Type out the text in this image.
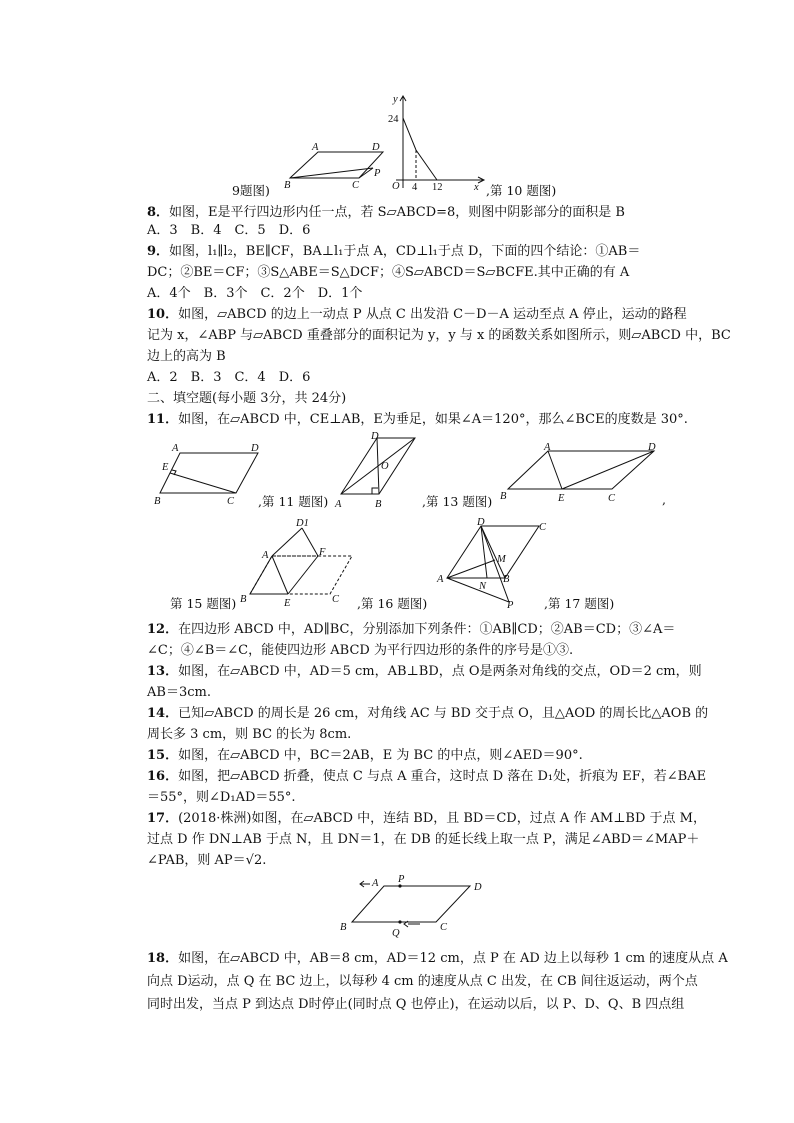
A	D
B	C
P
9题图)
y
24
O 4 12	x ,第 10 题图)
8．如图，E是平行四边形内任一点，若 S▱ABCD=8，则图中阴影部分的面积是 B
A．3　B．4　C．5　D．6
9．如图，l₁∥l₂，BE∥CF，BA⊥l₁于点 A，CD⊥l₁于点 D，下面的四个结论：①AB＝
DC；②BE＝CF；③S△ABE＝S△DCF；④S▱ABCD＝S▱BCFE.其中正确的有 A
A．4个　B．3个　C．2个　D．1个
10．如图，▱ABCD 的边上一动点 P 从点 C 出发沿 C－D－A 运动至点 A 停止，运动的路程
记为 x，∠ABP 与▱ABCD 重叠部分的面积记为 y，y 与 x 的函数关系如图所示，则▱ABCD 中，BC
边上的高为 B
A．2　B．3　C．4　D．6
二、填空题(每小题 3分，共 24分)
11．如图，在▱ABCD 中，CE⊥AB，E为垂足，如果∠A＝120°，那么∠BCE的度数是 30°.
A	D
E
B	C ,第 11 题图)
D
A
O
B	,第 13 题图)
A	D
B	E	C	,
D1
A	F
B	E	C
第 15 题图)	,第 16 题图)
D	C
A
M
N
B
P ,第 17 题图)
12．在四边形 ABCD 中，AD∥BC，分别添加下列条件：①AB∥CD；②AB＝CD；③∠A＝
∠C；④∠B＝∠C，能使四边形 ABCD 为平行四边形的条件的序号是①③.
13．如图，在▱ABCD 中，AD＝5 cm，AB⊥BD，点 O是两条对角线的交点，OD＝2 cm，则
AB＝3cm.
14．已知▱ABCD 的周长是 26 cm，对角线 AC 与 BD 交于点 O，且△AOD 的周长比△AOB 的
周长多 3 cm，则 BC 的长为 8cm.
15．如图，在▱ABCD 中，BC＝2AB，E 为 BC 的中点，则∠AED＝90°.
16．如图，把▱ABCD 折叠，使点 C 与点 A 重合，这时点 D 落在 D₁处，折痕为 EF，若∠BAE
＝55°，则∠D₁AD＝55°.
17．(2018·株洲)如图，在▱ABCD 中，连结 BD，且 BD＝CD，过点 A 作 AM⊥BD 于点 M，
过点 D 作 DN⊥AB 于点 N，且 DN＝1，在 DB 的延长线上取一点 P，满足∠ABD＝∠MAP＋
∠PAB，则 AP＝√2.
A P
D
B
Q
C
18．如图，在▱ABCD 中，AB＝8 cm，AD＝12 cm，点 P 在 AD 边上以每秒 1 cm 的速度从点 A
向点 D运动，点 Q 在 BC 边上，以每秒 4 cm 的速度从点 C 出发，在 CB 间往返运动，两个点
同时出发，当点 P 到达点 D时停止(同时点 Q 也停止)，在运动以后，以 P、D、Q、B 四点组
